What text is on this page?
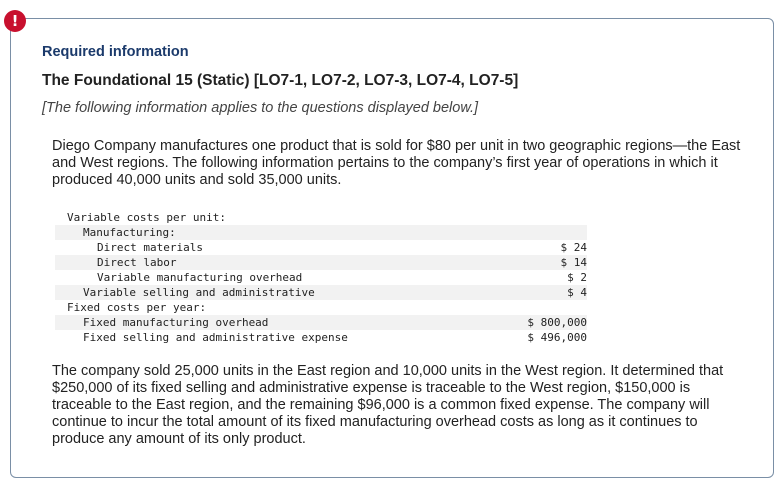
!
Required information
The Foundational 15 (Static) [LO7-1, LO7-2, LO7-3, LO7-4, LO7-5]
[The following information applies to the questions displayed below.]
Diego Company manufactures one product that is sold for $80 per unit in two geographic regions—the East and West regions. The following information pertains to the company’s first year of operations in which it produced 40,000 units and sold 35,000 units.
Variable costs per unit:	
Manufacturing:	
Direct materials	$ 24
Direct labor	$ 14
Variable manufacturing overhead	$ 2
Variable selling and administrative	$ 4
Fixed costs per year:	
Fixed manufacturing overhead	$ 800,000
Fixed selling and administrative expense	$ 496,000
The company sold 25,000 units in the East region and 10,000 units in the West region. It determined that $250,000 of its fixed selling and administrative expense is traceable to the West region, $150,000 is traceable to the East region, and the remaining $96,000 is a common fixed expense. The company will continue to incur the total amount of its fixed manufacturing overhead costs as long as it continues to produce any amount of its only product.
